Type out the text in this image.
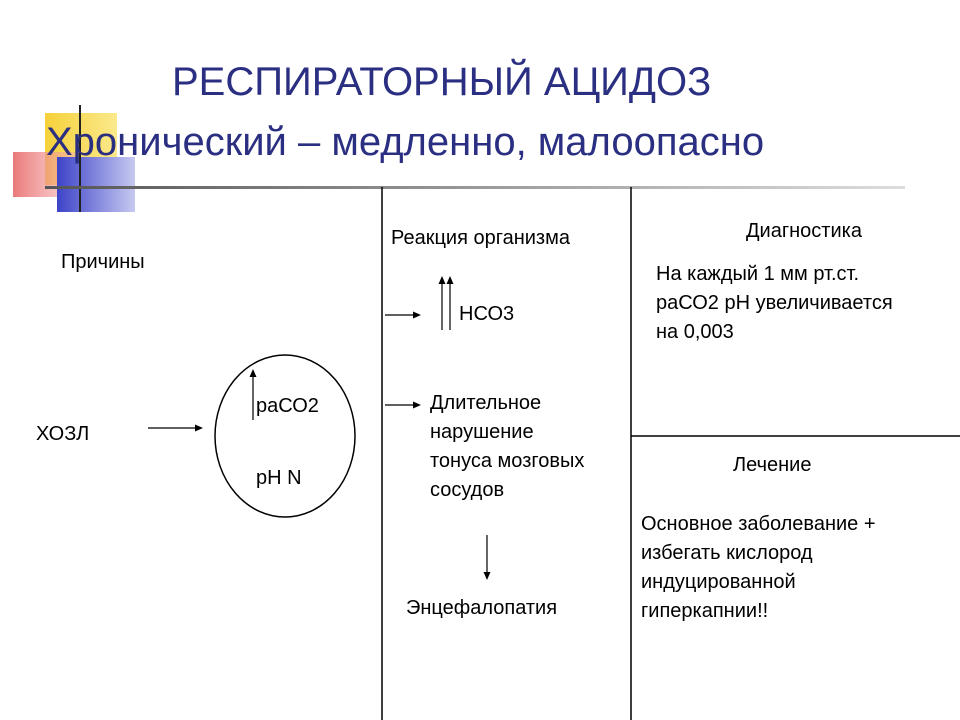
РЕСПИРАТОРНЫЙ АЦИДОЗ
Хронический – медленно, малоопасно
Причины
ХОЗЛ
раСО2
pH N
Реакция организма
НСО3
Длительное
нарушение
тонуса мозговых
сосудов
Энцефалопатия
Диагностика
На каждый 1 мм рт.ст.
раСО2 рН увеличивается
на 0,003
Лечение
Основное заболевание +
избегать кислород
индуцированной
гиперкапнии!!
